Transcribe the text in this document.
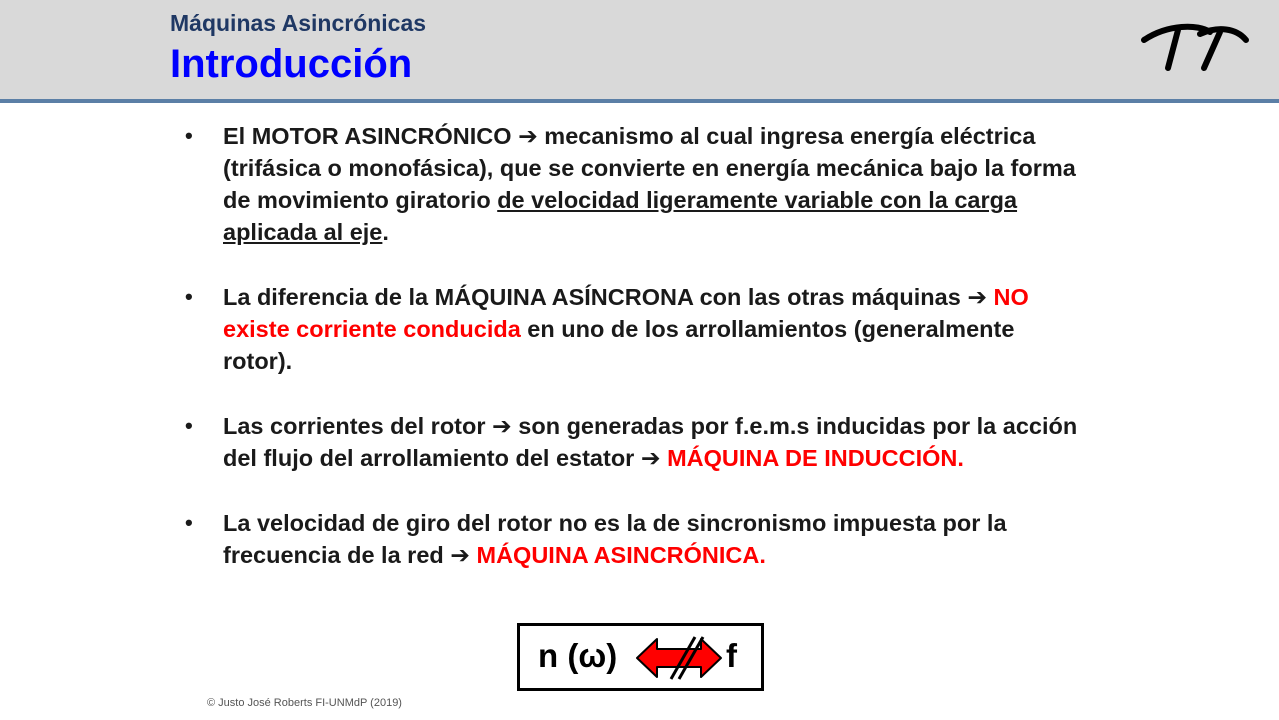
Máquinas Asincrónicas
Introducción
• El MOTOR ASINCRÓNICO ➔ mecanismo al cual ingresa energía eléctrica (trifásica o monofásica), que se convierte en energía mecánica bajo la forma de movimiento giratorio de velocidad ligeramente variable con la carga aplicada al eje.
• La diferencia de la MÁQUINA ASÍNCRONA con las otras máquinas ➔ NO existe corriente conducida en uno de los arrollamientos (generalmente rotor).
• Las corrientes del rotor ➔ son generadas por f.e.m.s inducidas por la acción del flujo del arrollamiento del estator ➔ MÁQUINA DE INDUCCIÓN.
• La velocidad de giro del rotor no es la de sincronismo impuesta por la frecuencia de la red ➔ MÁQUINA ASINCRÓNICA.
n (ω)	f
© Justo José Roberts FI-UNMdP (2019)
